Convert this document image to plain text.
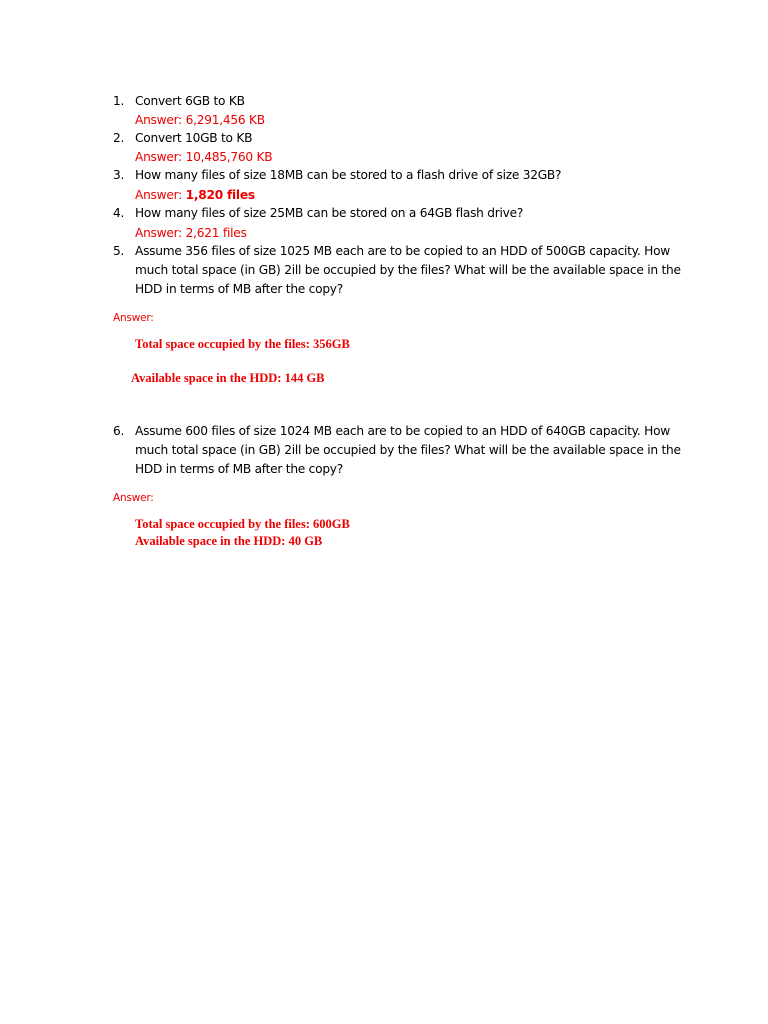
1. Convert 6GB to KB
Answer: 6,291,456 KB
2. Convert 10GB to KB
Answer: 10,485,760 KB
3. How many files of size 18MB can be stored to a flash drive of size 32GB?
Answer: 1,820 files
4. How many files of size 25MB can be stored on a 64GB flash drive?
Answer: 2,621 files
5. Assume 356 files of size 1025 MB each are to be copied to an HDD of 500GB capacity. How much total space (in GB) 2ill be occupied by the files? What will be the available space in the HDD in terms of MB after the copy?
Answer:
Total space occupied by the files: 356GB
Available space in the HDD: 144 GB
6. Assume 600 files of size 1024 MB each are to be copied to an HDD of 640GB capacity. How much total space (in GB) 2ill be occupied by the files? What will be the available space in the HDD in terms of MB after the copy?
Answer:
Total space occupied by the files: 600GB
Available space in the HDD: 40 GB
